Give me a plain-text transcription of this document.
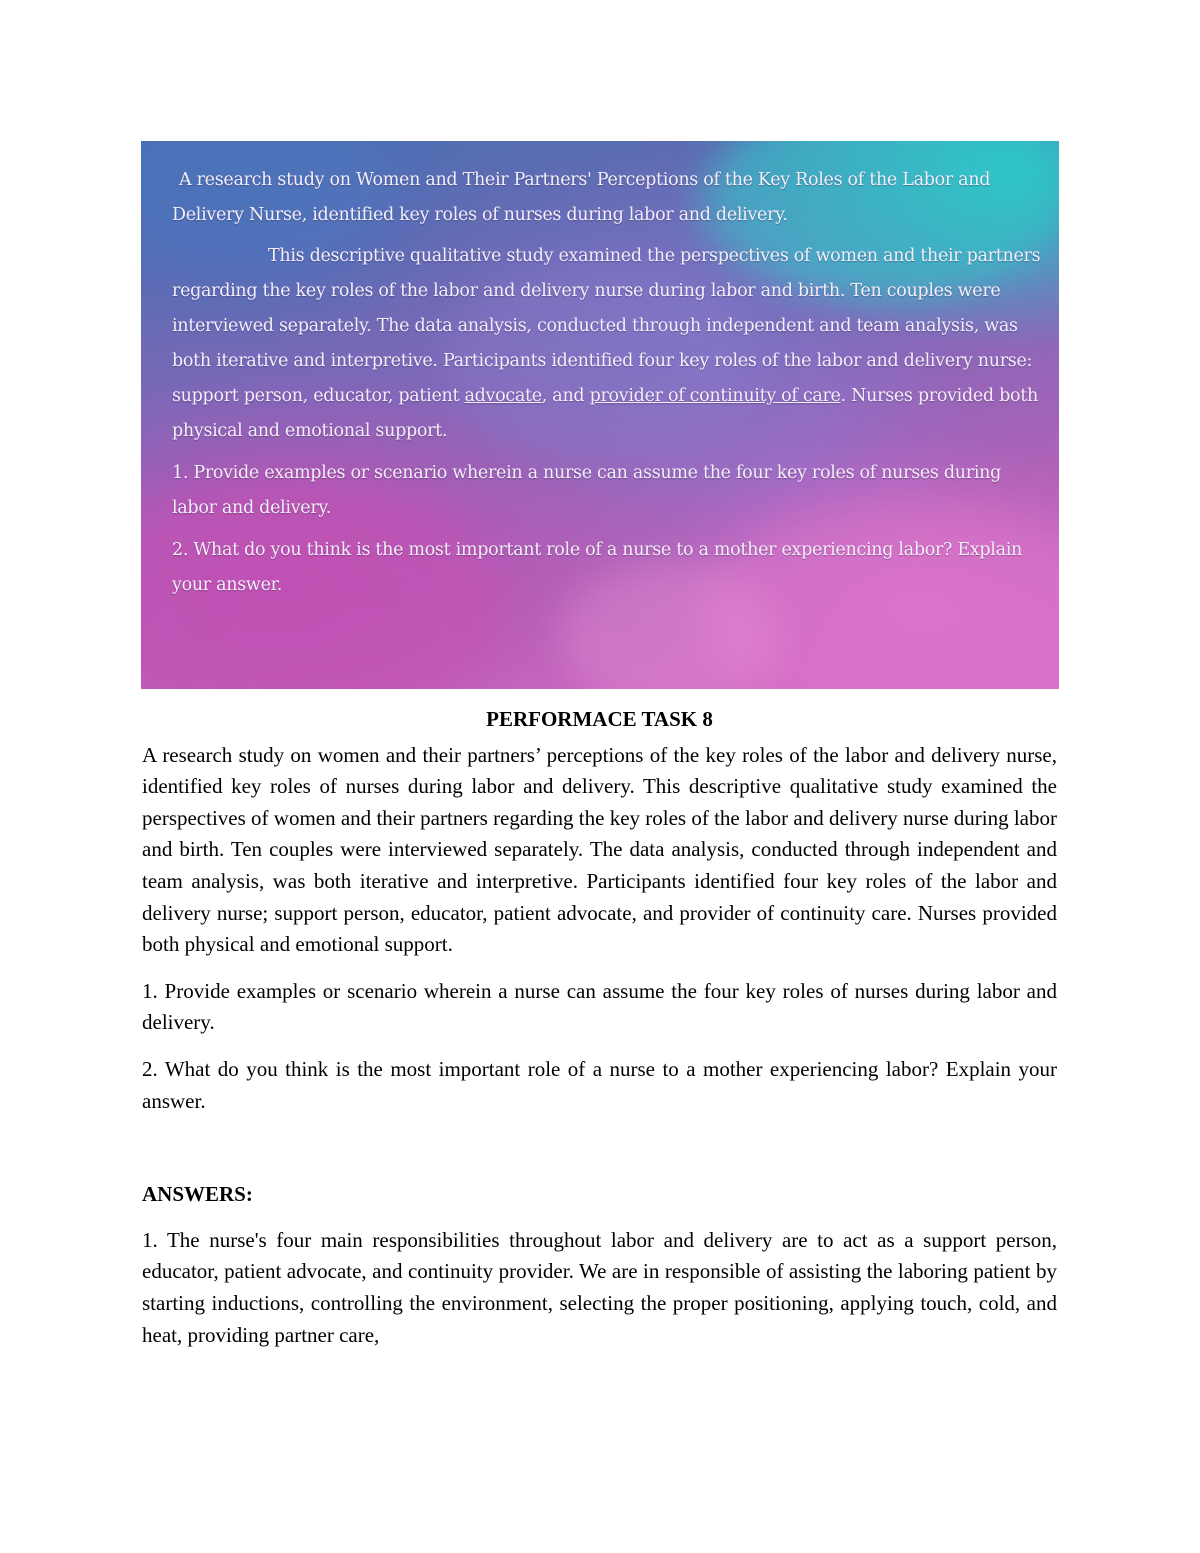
A research study on Women and Their Partners' Perceptions of the Key Roles of the Labor and Delivery Nurse, identified key roles of nurses during labor and delivery.

This descriptive qualitative study examined the perspectives of women and their partners regarding the key roles of the labor and delivery nurse during labor and birth. Ten couples were interviewed separately. The data analysis, conducted through independent and team analysis, was both iterative and interpretive. Participants identified four key roles of the labor and delivery nurse: support person, educator, patient advocate, and provider of continuity of care. Nurses provided both physical and emotional support.

1. Provide examples or scenario wherein a nurse can assume the four key roles of nurses during labor and delivery.

2. What do you think is the most important role of a nurse to a mother experiencing labor? Explain your answer.

PERFORMACE TASK 8

A research study on women and their partners’ perceptions of the key roles of the labor and delivery nurse, identified key roles of nurses during labor and delivery. This descriptive qualitative study examined the perspectives of women and their partners regarding the key roles of the labor and delivery nurse during labor and birth. Ten couples were interviewed separately. The data analysis, conducted through independent and team analysis, was both iterative and interpretive. Participants identified four key roles of the labor and delivery nurse; support person, educator, patient advocate, and provider of continuity care. Nurses provided both physical and emotional support.

1. Provide examples or scenario wherein a nurse can assume the four key roles of nurses during labor and delivery.

2. What do you think is the most important role of a nurse to a mother experiencing labor? Explain your answer.

ANSWERS:

1. The nurse's four main responsibilities throughout labor and delivery are to act as a support person, educator, patient advocate, and continuity provider. We are in responsible of assisting the laboring patient by starting inductions, controlling the environment, selecting the proper positioning, applying touch, cold, and heat, providing partner care,
